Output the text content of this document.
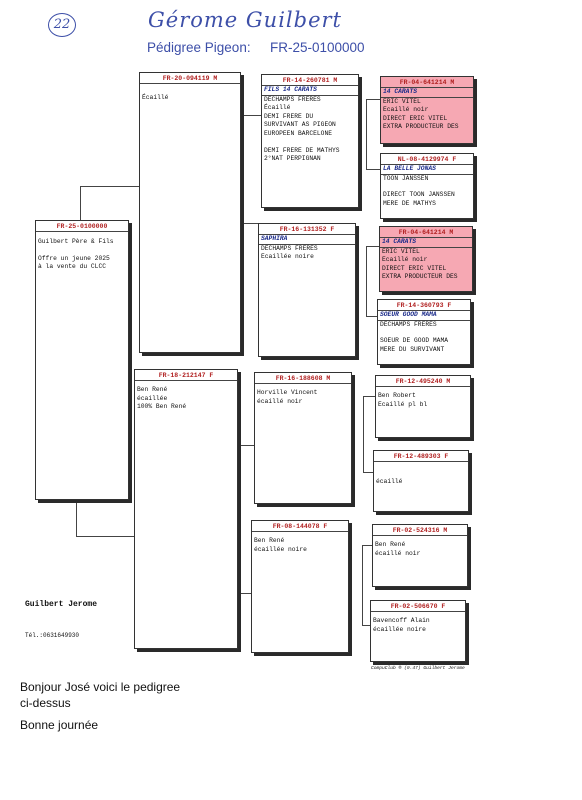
22	Gérome Guilbert
Pédigree Pigeon: FR-25-0100000
FR-25-0100000
Guilbert Père & Fils
Offre un jeune 2025
à la vente du CLCC
FR-20-094119 M
Écaillé
FR-18-212147 F
Ben René
écaillée
100% Ben René
FR-14-260781 M
FILS 14 CARATS
DECHAMPS FRERES
Écaillé
DEMI FRERE DU
SURVIVANT AS PIGEON
EUROPEEN BARCELONE
DEMI FRERE DE MATHYS
2°NAT PERPIGNAN
FR-16-131352 F
SAPHIRA
DECHAMPS FRERES
Ecaillée noire
FR-16-188608 M
Horville Vincent
écaillé noir
FR-08-144078 F
Ben René
écaillée noire
FR-04-641214 M
14 CARATS
ERIC VITEL
Ecaillé noir
DIRECT ERIC VITEL
EXTRA PRODUCTEUR DES
NL-08-4129974 F
LA BELLE JONAS
TOON JANSSEN
DIRECT TOON JANSSEN
MERE DE MATHYS
FR-04-641214 M
14 CARATS
ERIC VITEL
Ecaillé noir
DIRECT ERIC VITEL
EXTRA PRODUCTEUR DES
FR-14-360793 F
SOEUR GOOD MAMA
DECHAMPS FRERES
SOEUR DE GOOD MAMA
MERE DU SURVIVANT
FR-12-495240 M
Ben Robert
Ecaillé pl bl
FR-12-489303 F
écaillé
FR-02-524316 M
Ben René
écaillé noir
FR-02-506670 F
Bavencoff Alain
écaillée noire
Guilbert Jerome
Tél.:0631649930
CompuClub ® (9.47) Guilbert Jerome
Bonjour José voici le pedigree
ci-dessus
Bonne journée
